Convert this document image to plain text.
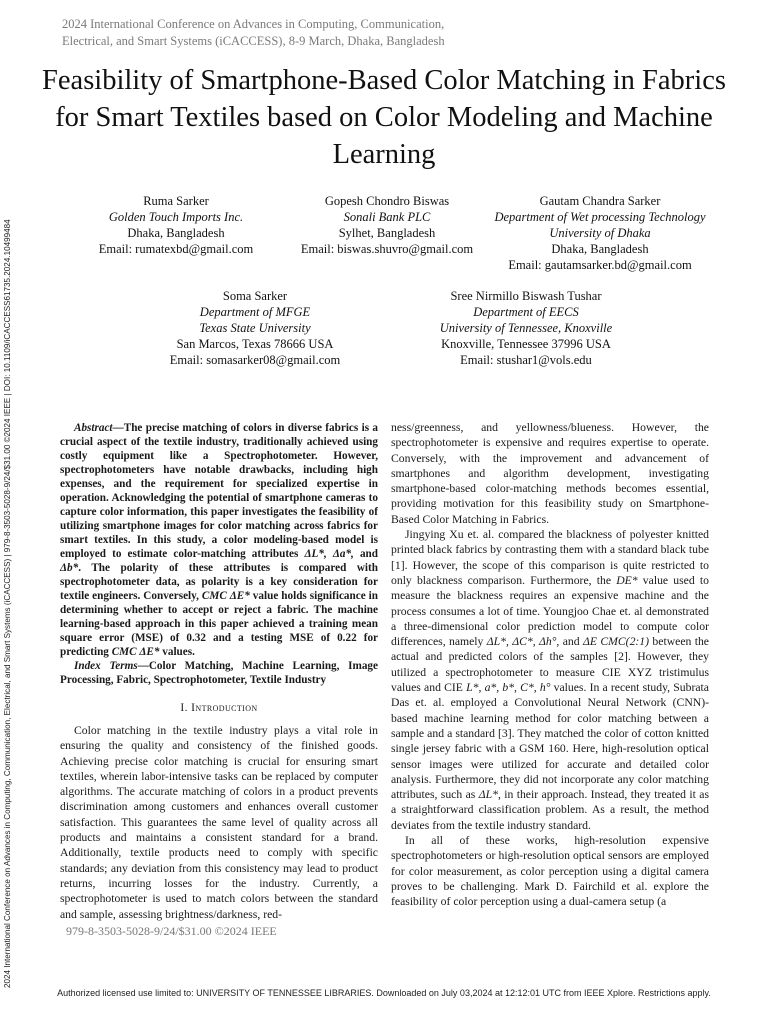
2024 International Conference on Advances in Computing, Communication,
Electrical, and Smart Systems (iCACCESS), 8-9 March, Dhaka, Bangladesh
2024 International Conference on Advances in Computing, Communication, Electrical, and Smart Systems (iCACCESS) | 979-8-3503-5028-9/24/$31.00 ©2024 IEEE | DOI: 10.1109/iCACCESS61735.2024.10499484
Feasibility of Smartphone-Based Color Matching in Fabrics for Smart Textiles based on Color Modeling and Machine Learning
Ruma Sarker
Golden Touch Imports Inc.
Dhaka, Bangladesh
Email: rumatexbd@gmail.com
Gopesh Chondro Biswas
Sonali Bank PLC
Sylhet, Bangladesh
Email: biswas.shuvro@gmail.com
Gautam Chandra Sarker
Department of Wet processing Technology
University of Dhaka
Dhaka, Bangladesh
Email: gautamsarker.bd@gmail.com
Soma Sarker
Department of MFGE
Texas State University
San Marcos, Texas 78666 USA
Email: somasarker08@gmail.com
Sree Nirmillo Biswash Tushar
Department of EECS
University of Tennessee, Knoxville
Knoxville, Tennessee 37996 USA
Email: stushar1@vols.edu

Abstract—The precise matching of colors in diverse fabrics is a crucial aspect of the textile industry, traditionally achieved using costly equipment like a Spectrophotometer. However, spectrophotometers have notable drawbacks, including high expenses, and the requirement for specialized expertise in operation. Acknowledging the potential of smartphone cameras to capture color information, this paper investigates the feasibility of utilizing smartphone images for color matching across fabrics for smart textiles. In this study, a color modeling-based model is employed to estimate color-matching attributes ΔL*, Δa*, and Δb*. The polarity of these attributes is compared with spectrophotometer data, as polarity is a key consideration for textile engineers. Conversely, CMC ΔE* value holds significance in determining whether to accept or reject a fabric. The machine learning-based approach in this paper achieved a training mean square error (MSE) of 0.32 and a testing MSE of 0.22 for predicting CMC ΔE* values.

Index Terms—Color Matching, Machine Learning, Image Processing, Fabric, Spectrophotometer, Textile Industry

I. Introduction

Color matching in the textile industry plays a vital role in ensuring the quality and consistency of the finished goods. Achieving precise color matching is crucial for ensuring smart textiles, wherein labor-intensive tasks can be replaced by computer algorithms. The accurate matching of colors in a product prevents discrimination among customers and enhances overall customer satisfaction. This guarantees the same level of quality across all products and maintains a consistent standard for a brand. Additionally, textile products need to comply with specific standards; any deviation from this consistency may lead to product returns, incurring losses for the industry. Currently, a spectrophotometer is used to match colors between the standard and sample, assessing brightness/darkness, red-

ness/greenness, and yellowness/blueness. However, the spectrophotometer is expensive and requires expertise to operate. Conversely, with the improvement and advancement of smartphones and algorithm development, investigating smartphone-based color-matching methods becomes essential, providing motivation for this feasibility study on Smartphone-Based Color Matching in Fabrics.

Jingying Xu et. al. compared the blackness of polyester knitted printed black fabrics by contrasting them with a standard black tube [1]. However, the scope of this comparison is quite restricted to only blackness comparison. Furthermore, the DE* value used to measure the blackness requires an expensive machine and the process consumes a lot of time. Youngjoo Chae et. al demonstrated a three-dimensional color prediction model to compute color differences, namely ΔL*, ΔC*, Δh°, and ΔE CMC(2:1) between the actual and predicted colors of the samples [2]. However, they utilized a spectrophotometer to measure CIE XYZ tristimulus values and CIE L*, a*, b*, C*, h° values. In a recent study, Subrata Das et. al. employed a Convolutional Neural Network (CNN)-based machine learning method for color matching between a sample and a standard [3]. They matched the color of cotton knitted single jersey fabric with a GSM 160. Here, high-resolution optical sensor images were utilized for accurate and detailed color analysis. Furthermore, they did not incorporate any color matching attributes, such as ΔL*, in their approach. Instead, they treated it as a straightforward classification problem. As a result, the method deviates from the textile industry standard.

In all of these works, high-resolution expensive spectrophotometers or high-resolution optical sensors are employed for color measurement, as color perception using a digital camera proves to be challenging. Mark D. Fairchild et al. explore the feasibility of color perception using a dual-camera setup (a

979-8-3503-5028-9/24/$31.00 ©2024 IEEE
Authorized licensed use limited to: UNIVERSITY OF TENNESSEE LIBRARIES. Downloaded on July 03,2024 at 12:12:01 UTC from IEEE Xplore. Restrictions apply.
